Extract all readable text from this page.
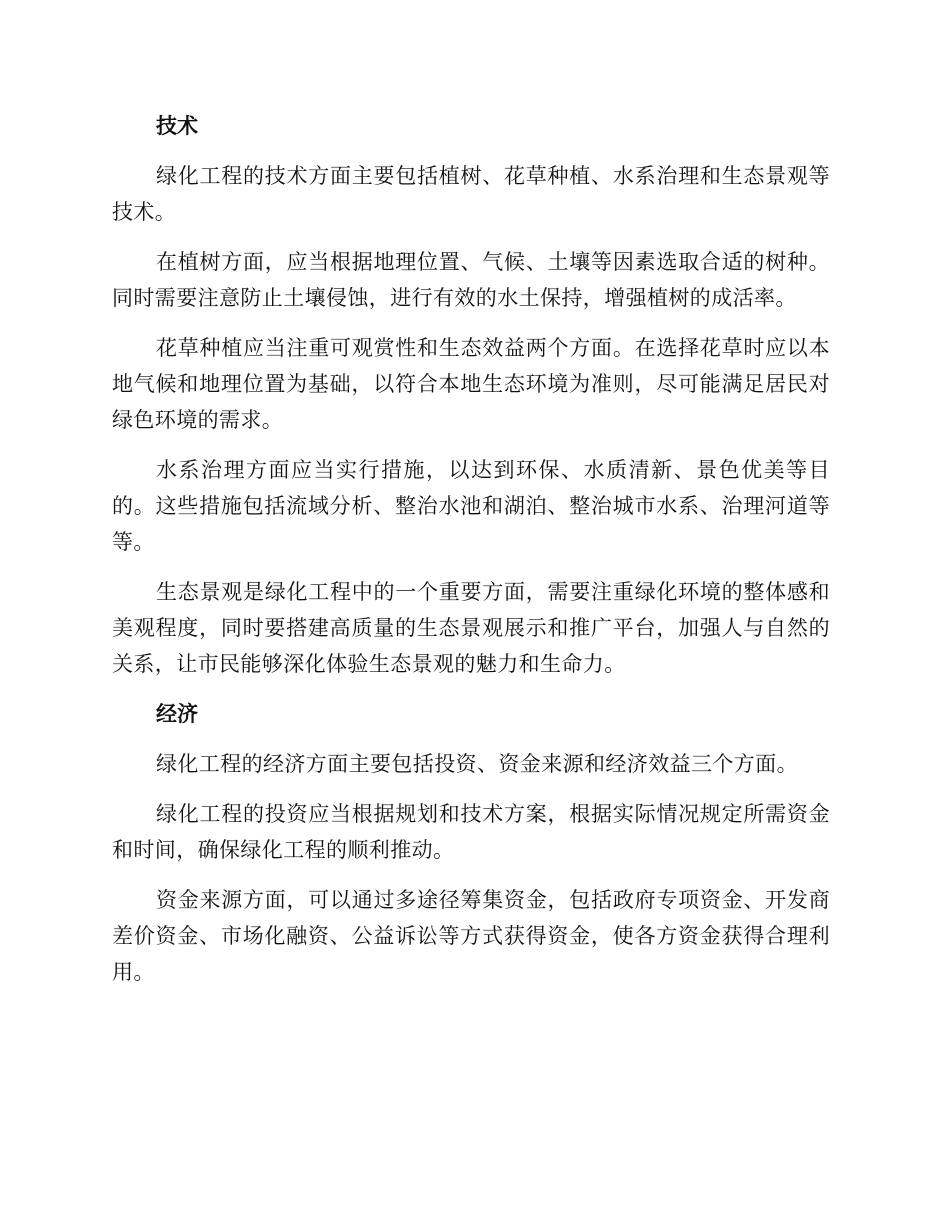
技术

绿化工程的技术方面主要包括植树、花草种植、水系治理和生态景观等技术。

在植树方面，应当根据地理位置、气候、土壤等因素选取合适的树种。同时需要注意防止土壤侵蚀，进行有效的水土保持，增强植树的成活率。

花草种植应当注重可观赏性和生态效益两个方面。在选择花草时应以本地气候和地理位置为基础，以符合本地生态环境为准则，尽可能满足居民对绿色环境的需求。

水系治理方面应当实行措施，以达到环保、水质清新、景色优美等目的。这些措施包括流域分析、整治水池和湖泊、整治城市水系、治理河道等等。

生态景观是绿化工程中的一个重要方面，需要注重绿化环境的整体感和美观程度，同时要搭建高质量的生态景观展示和推广平台，加强人与自然的关系，让市民能够深化体验生态景观的魅力和生命力。

经济

绿化工程的经济方面主要包括投资、资金来源和经济效益三个方面。

绿化工程的投资应当根据规划和技术方案，根据实际情况规定所需资金和时间，确保绿化工程的顺利推动。

资金来源方面，可以通过多途径筹集资金，包括政府专项资金、开发商差价资金、市场化融资、公益诉讼等方式获得资金，使各方资金获得合理利用。
